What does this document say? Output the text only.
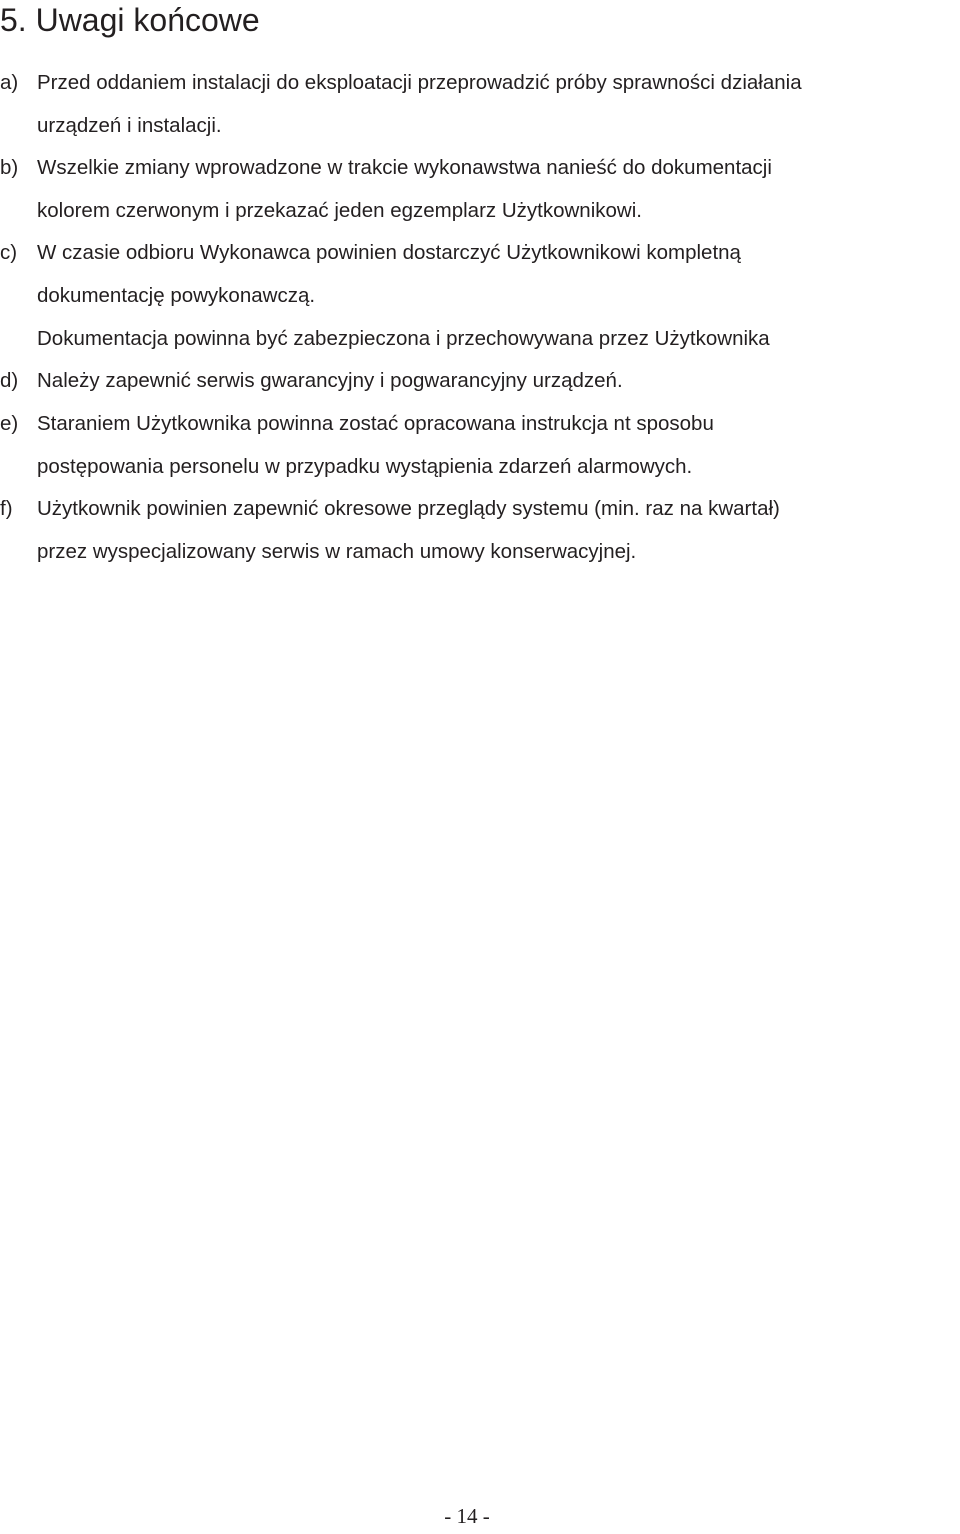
5. Uwagi końcowe
a) Przed oddaniem instalacji do eksploatacji przeprowadzić próby sprawności działania
urządzeń i instalacji.
b) Wszelkie zmiany wprowadzone w trakcie wykonawstwa nanieść do dokumentacji
kolorem czerwonym i przekazać jeden egzemplarz Użytkownikowi.
c) W czasie odbioru Wykonawca powinien dostarczyć Użytkownikowi kompletną
dokumentację powykonawczą.
Dokumentacja powinna być zabezpieczona i przechowywana przez Użytkownika
d) Należy zapewnić serwis gwarancyjny i pogwarancyjny urządzeń.
e) Staraniem Użytkownika powinna zostać opracowana instrukcja nt sposobu
postępowania personelu w przypadku wystąpienia zdarzeń alarmowych.
f) Użytkownik powinien zapewnić okresowe przeglądy systemu (min. raz na kwartał)
przez wyspecjalizowany serwis w ramach umowy konserwacyjnej.
- 14 -
